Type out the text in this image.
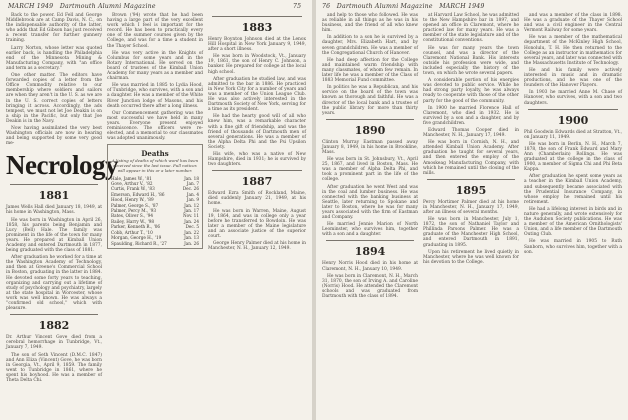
MARCH 1949 Dartmouth Alumni Magazine	75

Back to the power. Ed Fell and George Middlebrook are at Camp Davis, N. C., on the indispensable authority of the latter, who adds that Ed Gibson has just received a recent transfer for further gunnery training.

Larry Norton, whose letter was quoted earlier back, is handling the Philadelphia end of the Minnesota Mining & Manufacturing Company, with "an office and term as a secretary."

One other matter. The editors have forwarded copies of a letter from the Office Commodity relative to our membership where soldiers and sailors are when they aren't in the U. S. as we are in the U. S. correct copies of letters bringing it across. Accordingly, the ads tempest, we must not let Joe Deakin is on a ship in the Pacific, but only that Joe Deakin is in the Navy.

Now having assimilated the very best Washington officials are now in hearing and being supported by some very good me-

Necrology
1881

James Wells Hall died January 18, 1949, at his home in Washington, Mass.

He was born in Washington in April 26, 1858, his parents being Benjamin and Lucy (Bell) Hale. The family was prominent in the life of the town for many years. He prepared at Kimball Union Academy and entered Dartmouth in 1877, being graduated with the class of 1881.

After graduation he worked for a time at the Washington Academy of Technology, and then at Greene's Commercial School in Boston, graduating in the latter in 1884. He devoted some forty years to teaching, organizing and carrying out a lifetime of study of psychology and psychiatry, largely at the state hospital in Worcester, whose work was well known. He was always a ''confirmed old school,'' which with pleasure.

1882

Dr. Arthur Vincent Gove died from a cerebral hemorrhage in Tunbridge, Vt., January 7, 1949.

The son of Seth Vincent (D.M.C. 1847) and Ann Eliza (Vincent) Gove, he was born in Georgia, Vt., April 9, 1859. The family went to Tunbridge in 1861, where he spent his boyhood. He was a member of Theta Delta Chi.

Brown ('94) wrote that he had been having a large part of the very excellent work which I feel is important for the record. He has been to practically every one of the summer courses given by the College, and was for a time a student in the Thayer School.

He was very active in the Knights of Columbus for some years and in the Rotary International. He served on the board of trustees of the Kimball Union Academy for many years as a member and chairman.

He was married in 1885 to Lydia Hood, of Tunbridge, who survives, with a son and a daughter. He was a member of the White River Junction lodge of Masons, and his death occurred there after a long illness.

Our Commencement gathering was the most successful we have held in many years. Everyone present enjoyed reminiscence. The officers were re-elected, and a memorial to our classmates was adopted unanimously.

Deaths
A listing of deaths of which word has been received since the last issue. Full notices will appear in this or a later number.
Hale, James W., '81	Jan. 18
Gove, Arthur V., '82	Jan. 7
Curtis, Frank W., '83	Dec. 26
Emerson, Edward H., '86	Jan. 4
Hood, Henry W., '89	Jan. 9
Palmer, George S., '87	Jan. 12
Palmer, Percy M., '93	Jan. 17
Bates, Oliver S., '94	Nov. 11
Bailey, Harry W., '98	Jan. 24
Parker, Kenneth R., '06	Dec. 5
Cobb, Arthur T., '10	Jan. 22
Morgan, George H., '19	Jan. 13
Spaulding, Richard R., '27	Jan. 26
1883

Henry Boynton Johnson died at the Lenox Hill Hospital in New York January 9, 1949, after a short illness.

He was born in Woodstock, Vt., January 19, 1861, the son of Henry C. Johnson, a banker. He prepared for college at the local high school.

After graduation he studied law, and was admitted to the bar in 1886. He practiced in New York City for a number of years and was a member of the Union League Club. He was also actively interested in the Dartmouth Society of New York, serving for a time as its president.

He had the hearty good will of all who knew him, was a remarkable character with a fine gift of friendship, and was the friend of thousands of Dartmouth men of several generations. He was a member of the Alpha Delta Phi and the Psi Upsilon Society.

His wife, who was a native of New Hampshire, died in 1931; he is survived by two daughters.

1887

Edward Ezra Smith of Rockland, Maine, died suddenly January 21, 1949, at his home.

He was born in Warren, Maine, August 19, 1864, and was in college only a year before he transferred to Bowdoin. He was later a member of the Maine legislature and an associate justice of the superior court.

George Henry Palmer died at his home in Manchester, N. H., January 12, 1949.

76 Dartmouth Alumni Magazine MARCH 1949

and help to those who followed. He was as reliable in all things as he was in his business, and the friend of all who knew him.

In addition to a son he is survived by a daughter, Mrs. Elizabeth Hart, and by seven grandchildren. He was a member of the Congregational Church of Hanover.

He had deep affection for the College and maintained warm friendship with many classmates, of whom few remain. In later life he was a member of the Class of 1883 Memorial Fund committee.

In politics he was a Republican, and his service on the board of the town was known as thorough and faithful. He was a director of the local bank and a trustee of the public library for more than thirty years.

1890

Clinton Murray Eastman passed away January 8, 1949, in his home in Brookline, Mass.

He was born in St. Johnsbury, Vt., April 25, 1867, and lived in Boston, Mass. He was a member of Alpha Delta Phi, and took a prominent part in the life of the college.

After graduation he went West and was in the coal and lumber business. He was connected with the banking business at Seattle, later returning to Spokane and later to Boston, where he was for many years associated with the firm of Eastman and Company.

He married Jennie Marion of North Leominster, who survives him, together with a son and a daughter.

1894

Henry Norris Hood died in his home at Claremont, N. H., January 10, 1949.

He was born in Claremont, N. H., March 31, 1870, the son of Irving A. and Caroline (Norris) Hood. He attended the Claremont schools and was graduated from Dartmouth with the class of 1894.

at Harvard Law School, he was admitted to the New Hampshire bar in 1897, and opened an office in Claremont, where he practiced law for many years. He was a member of the state legislature and of the constitutional conventions.

He was for many years the town counsel, and was a director of the Claremont National Bank. His interests outside his profession were wide, and included especially the history of the town, on which he wrote several papers.

A considerable portion of his energies was devoted to public service. While he had strong party loyalty, he was always ready to cooperate with those of the other party for the good of the community.

In 1900 he married Florence Hall of Claremont, who died in 1932. He is survived by a son and a daughter, and by five grandchildren.

Edward Thomas Cooper died in Manchester, N. H., January 17, 1949.

He was born in Cornish, N. H., and attended Kimball Union Academy. After graduation he taught for several years, and then entered the employ of the Amoskeag Manufacturing Company, with which he remained until the closing of the mills.

1895

Percy Mortimer Palmer died at his home in Manchester, N. H., January 17, 1949, after an illness of several months.

He was born in Manchester, July 1, 1872, the son of Nathaniel Taylor and Phillinda Parsons Palmer. He was a graduate of the Manchester High School, and entered Dartmouth in 1891, graduating in 1895.

Upon his retirement he lived quietly in Manchester, where he was well known for his devotion to the College.

and was a member of the class in 1898. He was a graduate of the Thayer School and was a civil engineer in the Central Vermont Railway for some years.

He was a member of the mathematical department of the McKinley High School, Honolulu, T. H. He then returned to the College as an instructor in mathematics for several years, and later was connected with the Massachusetts Institute of Technology.

He and his family were actively interested in music and in dramatic productions, and he was one of the founders of the Hanover Players.

In 1903 he married Anne M. Chase of Hanover, who survives, with a son and two daughters.

1900

Phil Goodwin Edwards died at Stratton, Vt., on January 11, 1949.

He was born in Berlin, N. H., March 7, 1878, the son of Frank Edward and Mary Ann (Chamberlain) Rollings. He was graduated at the college in the class of 1900, a member of Sigma Chi and Phi Beta Kappa.

After graduation he spent some years as a teacher in the Kimball Union Academy, and subsequently became associated with the Prudential Insurance Company, in whose employ he remained until his retirement.

He had a lifelong interest in birds and in nature generally, and wrote extensively for the Audubon Society publications. He was a member of the American Ornithologists' Union, and a life member of the Dartmouth Outing Club.

He was married in 1905 to Ruth Sanborn, who survives him, together with a son.
